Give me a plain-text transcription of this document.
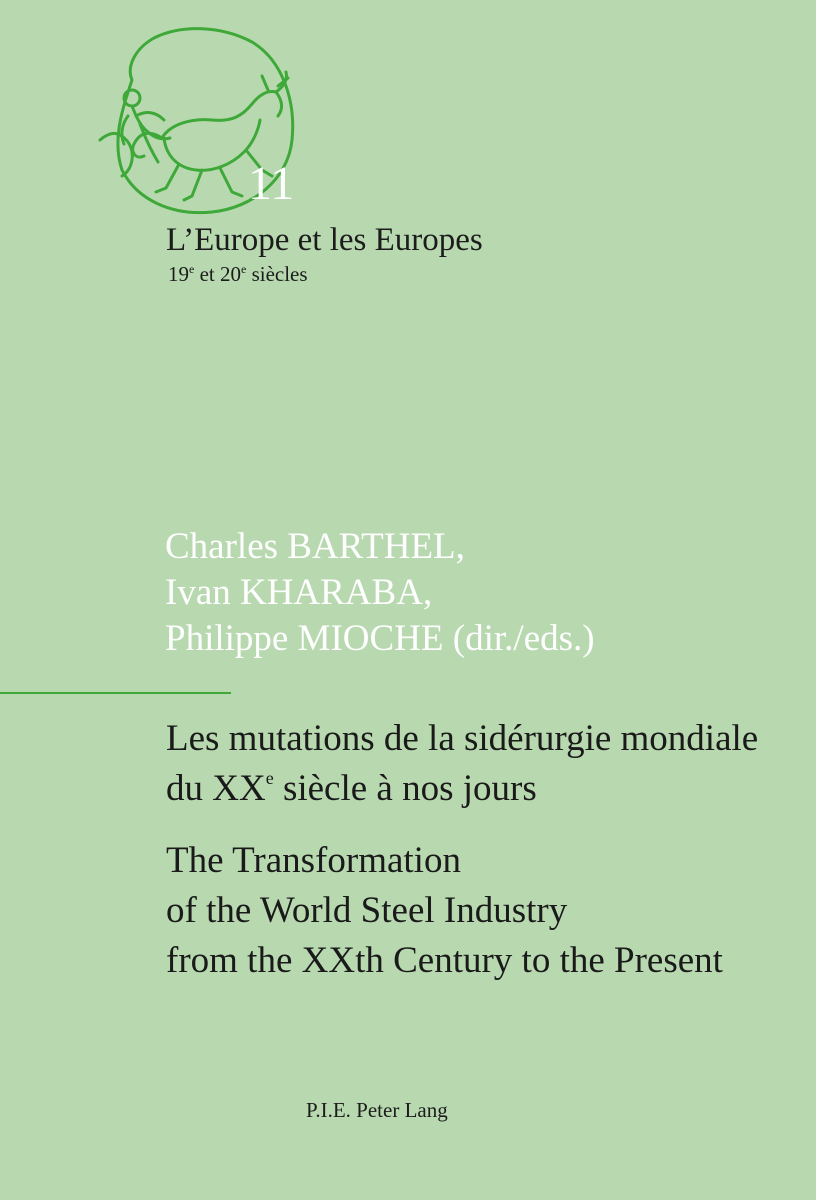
11
L’Europe et les Europes
19e et 20e siècles
Charles BARTHEL,
Ivan KHARABA,
Philippe MIOCHE (dir./eds.)
Les mutations de la sidérurgie mondiale
du XXe siècle à nos jours
The Transformation
of the World Steel Industry
from the XXth Century to the Present
P.I.E. Peter Lang
